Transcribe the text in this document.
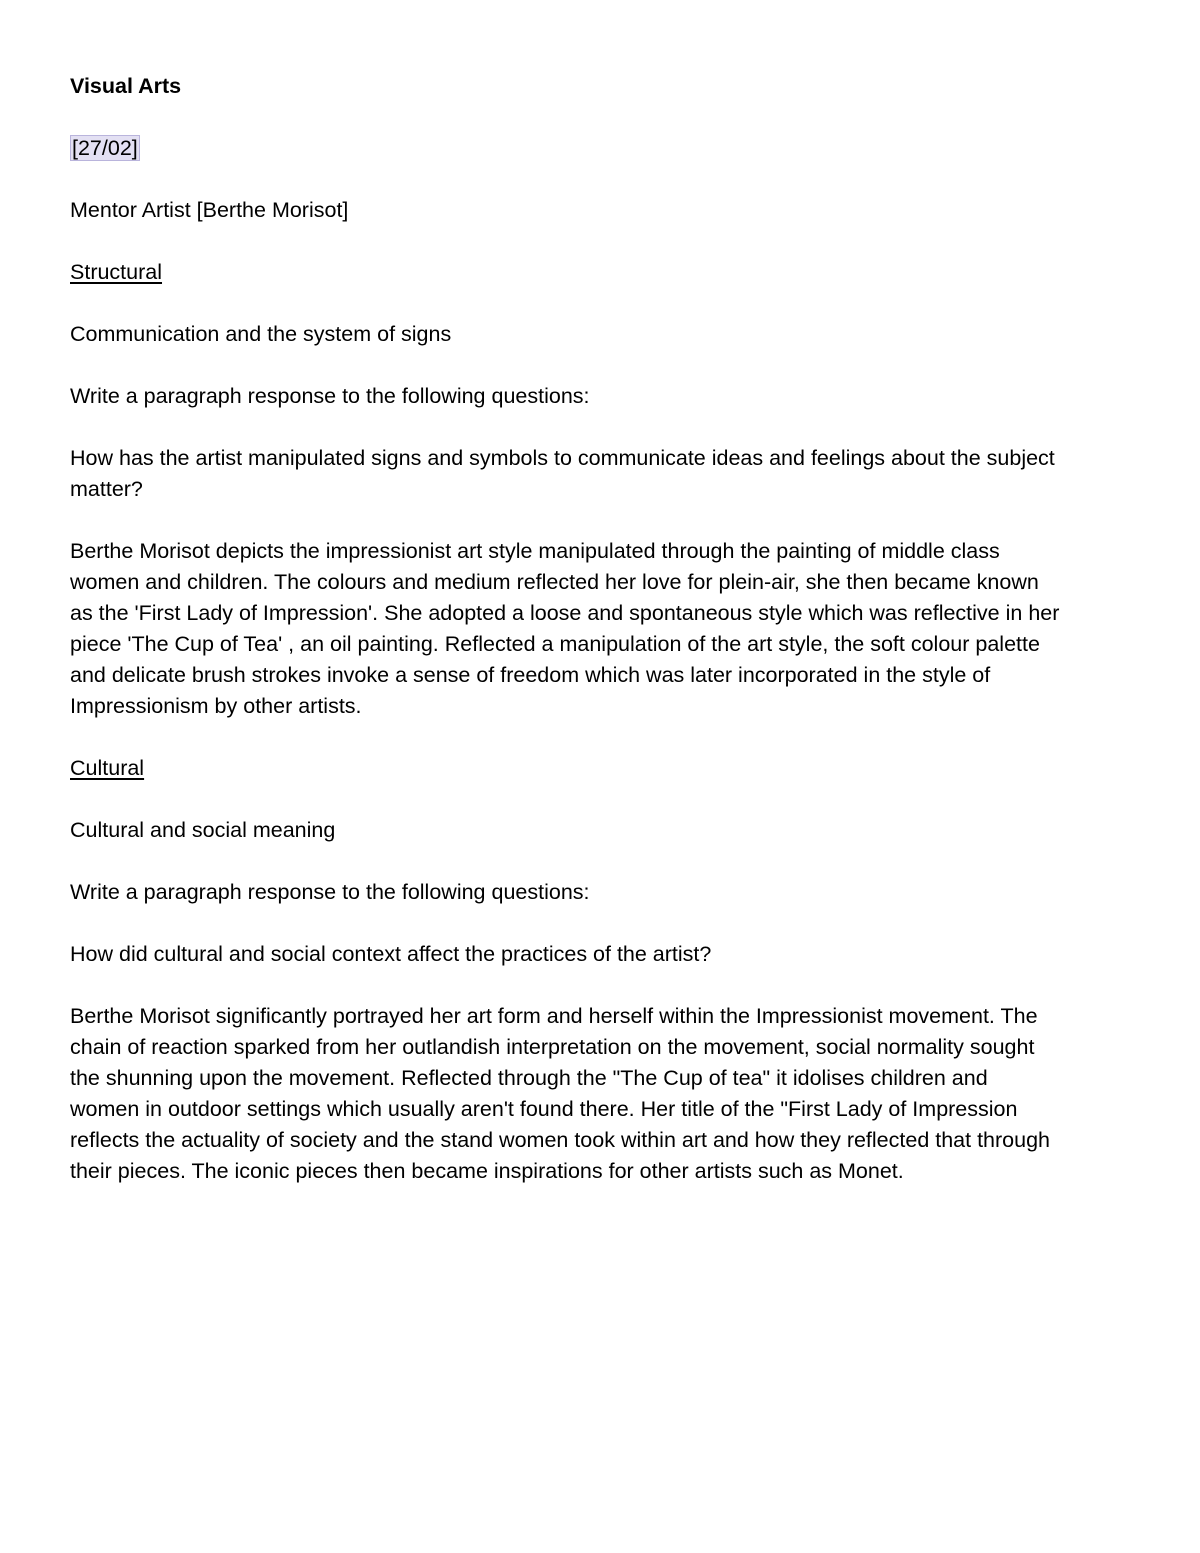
Visual Arts
[27/02]
Mentor Artist [Berthe Morisot]
Structural
Communication and the system of signs
Write a paragraph response to the following questions:
How has the artist manipulated signs and symbols to communicate ideas and feelings about the subject matter?
Berthe Morisot depicts the impressionist art style manipulated through the painting of middle class women and children. The colours and medium reflected her love for plein-air, she then became known as the 'First Lady of Impression'. She adopted a loose and spontaneous style which was reflective in her piece 'The Cup of Tea' , an oil painting. Reflected a manipulation of the art style, the soft colour palette and delicate brush strokes invoke a sense of freedom which was later incorporated in the style of Impressionism by other artists.
Cultural
Cultural and social meaning
Write a paragraph response to the following questions:
How did cultural and social context affect the practices of the artist?
Berthe Morisot significantly portrayed her art form and herself within the Impressionist movement. The chain of reaction sparked from her outlandish interpretation on the movement, social normality sought the shunning upon the movement. Reflected through the "The Cup of tea" it idolises children and women in outdoor settings which usually aren't found there. Her title of the "First Lady of Impression reflects the actuality of society and the stand women took within art and how they reflected that through their pieces. The iconic pieces then became inspirations for other artists such as Monet.
